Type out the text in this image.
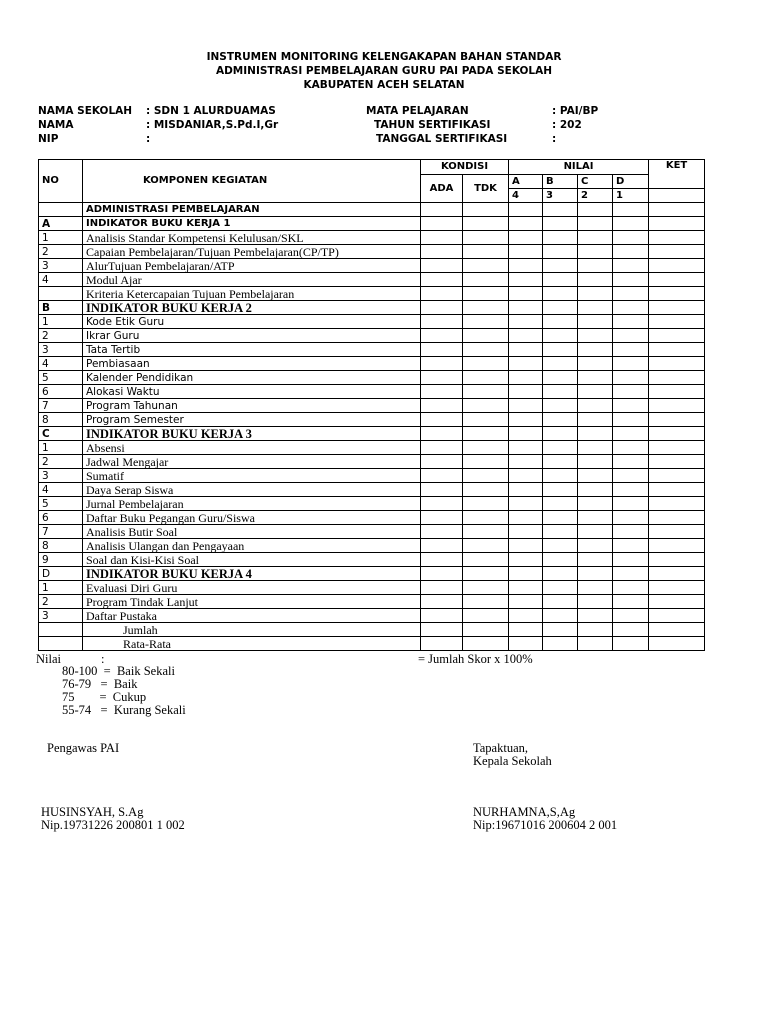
INSTRUMEN MONITORING KELENGAKAPAN BAHAN STANDAR
ADMINISTRASI PEMBELAJARAN GURU PAI PADA SEKOLAH
KABUPATEN ACEH SELATAN
NAMA SEKOLAH : SDN 1 ALURDUAMAS
NAMA	: MISDANIAR,S.Pd.I,Gr
NIP	:
MATA PELAJARAN	: PAI/BP
TAHUN SERTIFIKASI	: 202
TANGGAL SERTIFIKASI	:
NO	KOMPONEN KEGIATAN	KONDISI		NILAI				KET
		ADA	TDK	A	B	C	D	
				4	3	2	1	
	ADMINISTRASI PEMBELAJARAN							
A	INDIKATOR BUKU KERJA 1							
1	Analisis Standar Kompetensi Kelulusan/SKL							
2	Capaian Pembelajaran/Tujuan Pembelajaran(CP/TP)							
3	AlurTujuan Pembelajaran/ATP							
4	Modul Ajar							
	Kriteria Ketercapaian Tujuan Pembelajaran							
B	INDIKATOR BUKU KERJA 2							
1	Kode Etik Guru							
2	Ikrar Guru							
3	Tata Tertib							
4	Pembiasaan							
5	Kalender Pendidikan							
6	Alokasi Waktu							
7	Program Tahunan							
8	Program Semester							
C	INDIKATOR BUKU KERJA 3							
1	Absensi							
2	Jadwal Mengajar							
3	Sumatif							
4	Daya Serap Siswa							
5	Jurnal Pembelajaran							
6	Daftar Buku Pegangan Guru/Siswa							
7	Analisis Butir Soal							
8	Analisis Ulangan dan Pengayaan							
9	Soal dan Kisi-Kisi Soal							
D	INDIKATOR BUKU KERJA 4							
1	Evaluasi Diri Guru							
2	Program Tindak Lanjut							
3	Daftar Pustaka							
	Jumlah							
	Rata-Rata							
Nilai	:	= Jumlah Skor x 100%
80-100  =  Baik Sekali
76-79   =  Baik
75        =  Cukup
55-74   =  Kurang Sekali
Pengawas PAI	Tapaktuan,
Kepala Sekolah
HUSINSYAH, S.Ag
Nip.19731226 200801 1 002
NURHAMNA,S,Ag
Nip:19671016 200604 2 001
